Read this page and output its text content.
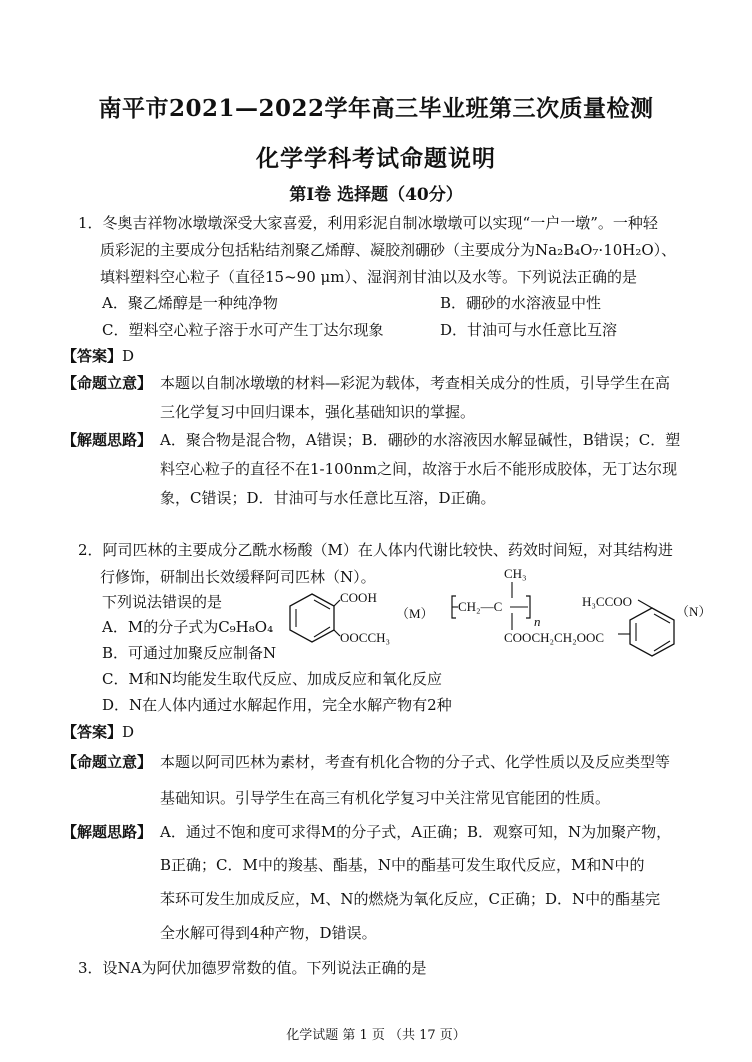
南平市2021—2022学年高三毕业班第三次质量检测
化学学科考试命题说明
第Ⅰ卷 选择题（40分）
1．冬奥吉祥物冰墩墩深受大家喜爱，利用彩泥自制冰墩墩可以实现“一户一墩”。一种轻
质彩泥的主要成分包括粘结剂聚乙烯醇、凝胶剂硼砂（主要成分为Na₂B₄O₇·10H₂O）、
填料塑料空心粒子（直径15~90 μm）、湿润剂甘油以及水等。下列说法正确的是
A．聚乙烯醇是一种纯净物	B．硼砂的水溶液显中性
C．塑料空心粒子溶于水可产生丁达尔现象	D．甘油可与水任意比互溶
【答案】D
【命题立意】 本题以自制冰墩墩的材料—彩泥为载体，考查相关成分的性质，引导学生在高
三化学复习中回归课本，强化基础知识的掌握。
【解题思路】 A．聚合物是混合物，A错误；B．硼砂的水溶液因水解显碱性，B错误；C．塑
料空心粒子的直径不在1-100nm之间，故溶于水后不能形成胶体，无丁达尔现
象，C错误；D．甘油可与水任意比互溶，D正确。
2．阿司匹林的主要成分乙酰水杨酸（M）在人体内代谢比较快、药效时间短，对其结构进
行修饰，研制出长效缓释阿司匹林（N）。
下列说法错误的是
A．M的分子式为C₉H₈O₄
B．可通过加聚反应制备N
C．M和N均能发生取代反应、加成反应和氧化反应
D．N在人体内通过水解起作用，完全水解产物有2种
COOH
OOCCH₃
（M） CH₂—C
CH₃
n
COOCH₂CH₂OOC
H₃CCOO
（N）
【答案】D
【命题立意】 本题以阿司匹林为素材，考查有机化合物的分子式、化学性质以及反应类型等
基础知识。引导学生在高三有机化学复习中关注常见官能团的性质。
【解题思路】 A．通过不饱和度可求得M的分子式，A正确；B．观察可知，N为加聚产物，
B正确；C．M中的羧基、酯基，N中的酯基可发生取代反应，M和N中的
苯环可发生加成反应，M、N的燃烧为氧化反应，C正确；D．N中的酯基完
全水解可得到4种产物，D错误。
3．设NA为阿伏加德罗常数的值。下列说法正确的是
化学试题 第 1 页 （共 17 页）
